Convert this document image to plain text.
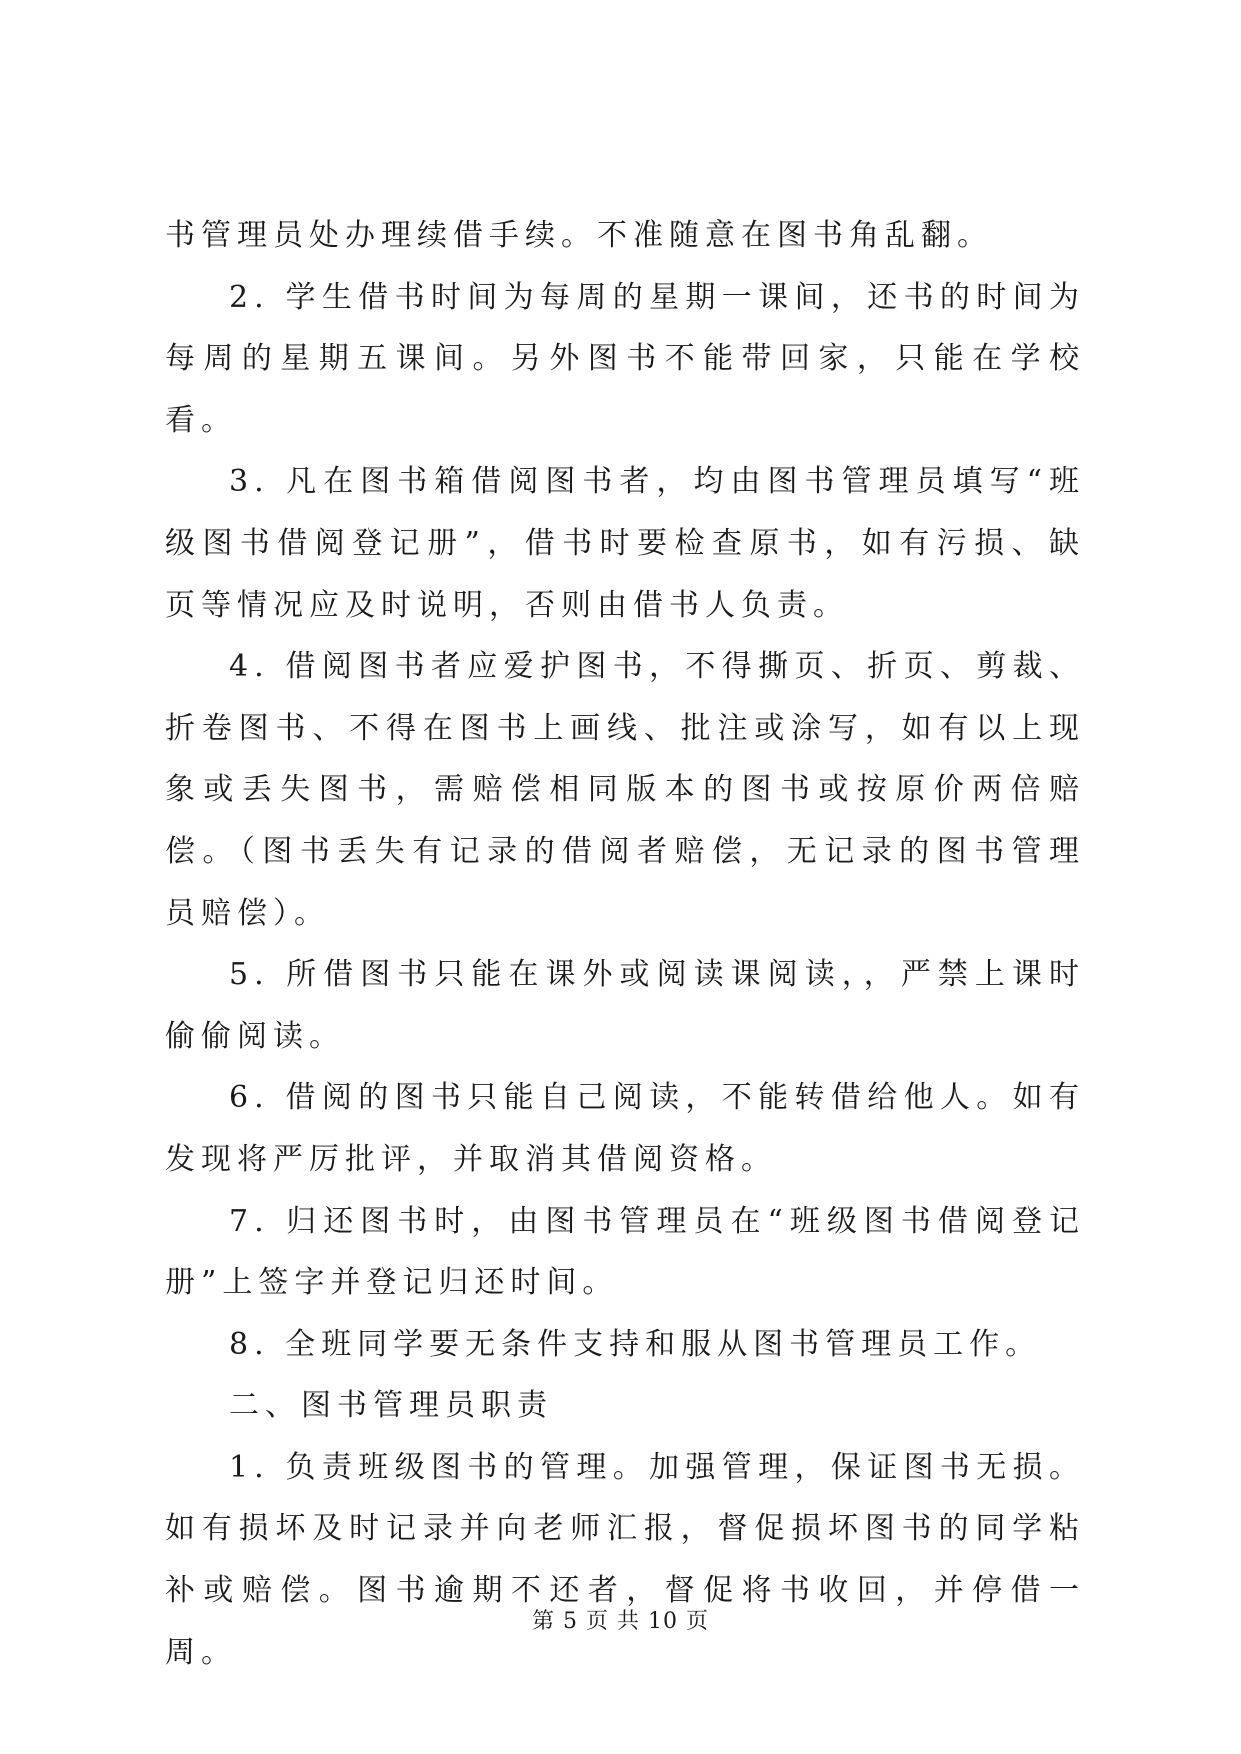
书管理员处办理续借手续。不准随意在图书角乱翻。

2. 学生借书时间为每周的星期一课间，还书的时间为每周的星期五课间。另外图书不能带回家，只能在学校看。

3. 凡在图书箱借阅图书者，均由图书管理员填写“班级图书借阅登记册”，借书时要检查原书，如有污损、缺页等情况应及时说明，否则由借书人负责。

4. 借阅图书者应爱护图书，不得撕页、折页、剪裁、折卷图书、不得在图书上画线、批注或涂写，如有以上现象或丢失图书，需赔偿相同版本的图书或按原价两倍赔偿。（图书丢失有记录的借阅者赔偿，无记录的图书管理员赔偿）。

5. 所借图书只能在课外或阅读课阅读，，严禁上课时偷偷阅读。

6. 借阅的图书只能自己阅读，不能转借给他人。如有发现将严厉批评，并取消其借阅资格。

7. 归还图书时，由图书管理员在“班级图书借阅登记册”上签字并登记归还时间。

8. 全班同学要无条件支持和服从图书管理员工作。

二、图书管理员职责

1. 负责班级图书的管理。加强管理，保证图书无损。如有损坏及时记录并向老师汇报，督促损坏图书的同学粘补或赔偿。图书逾期不还者，督促将书收回，并停借一周。

第 5 页 共 10 页
